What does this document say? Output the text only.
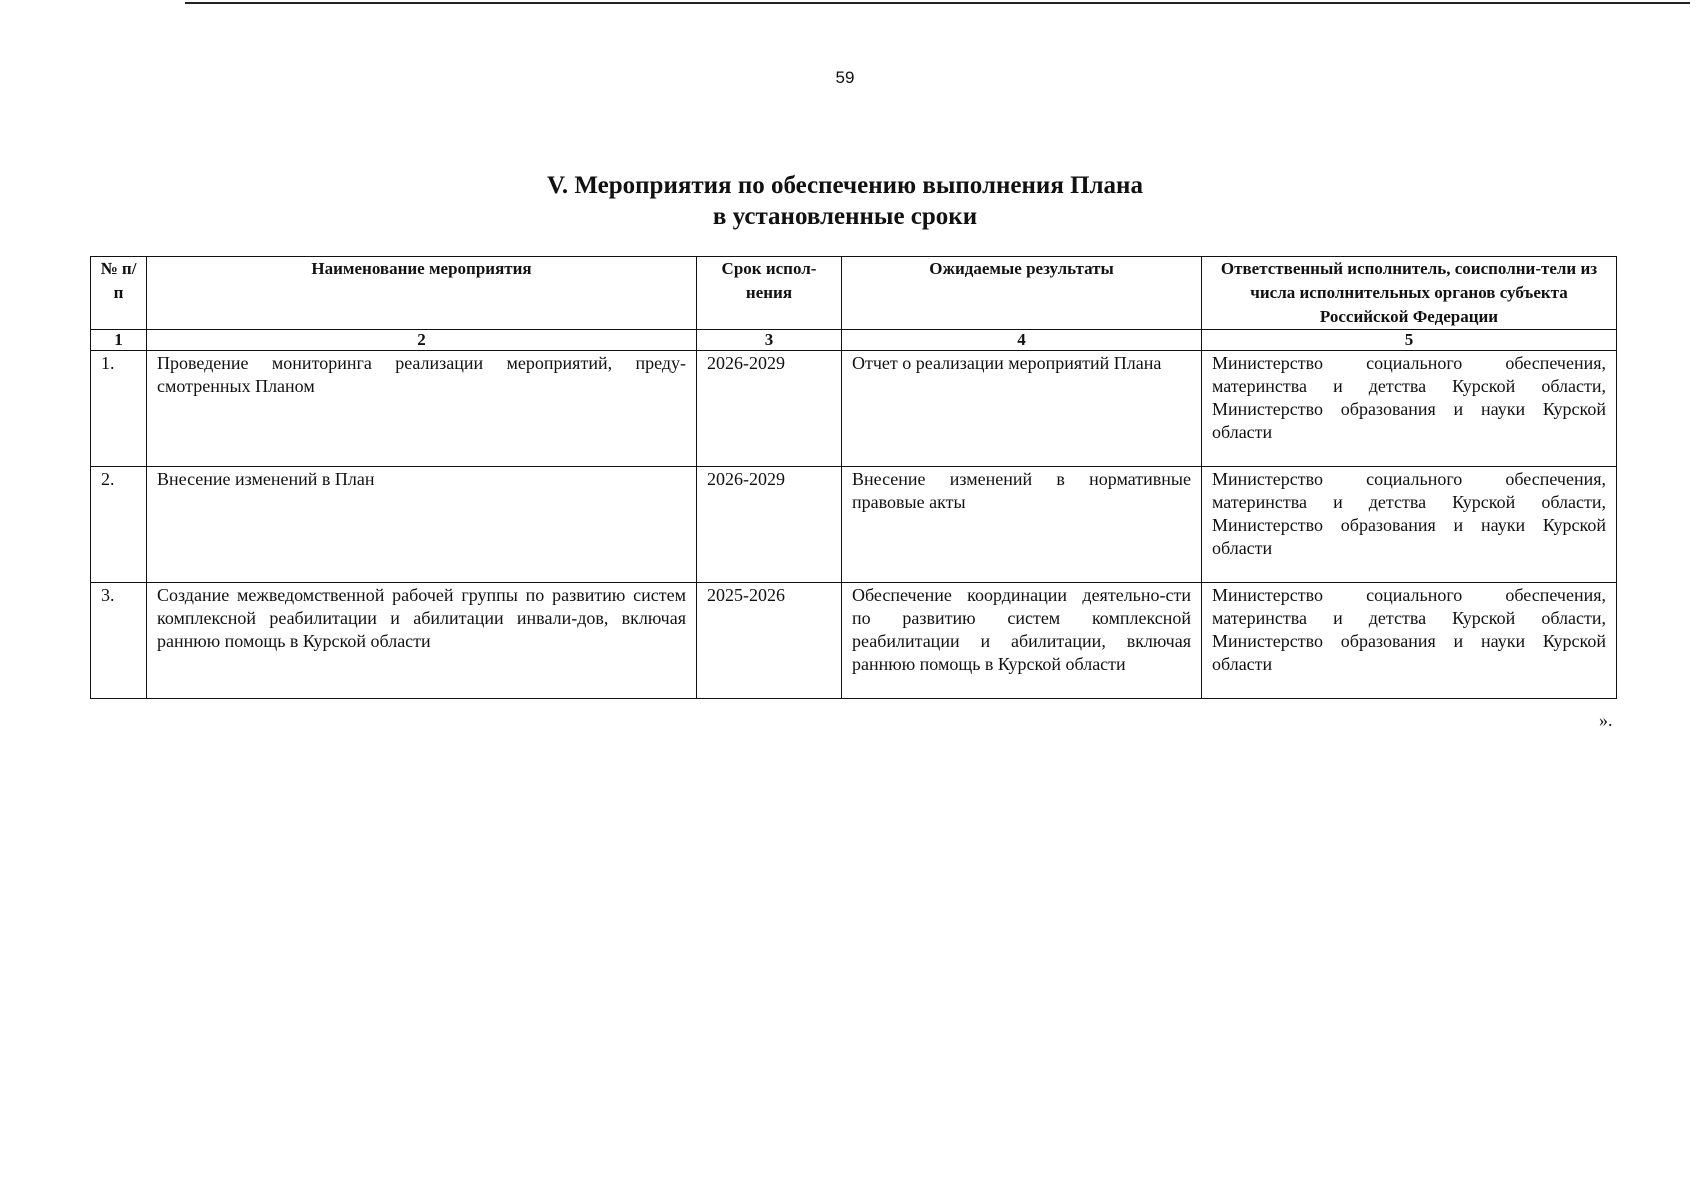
59
V. Мероприятия по обеспечению выполнения Плана
в установленные сроки
№ п/п	Наименование мероприятия	Срок испол-нения	Ожидаемые результаты	Ответственный исполнитель, соисполни-тели из числа исполнительных органов субъекта Российской Федерации
1	2	3	4	5
1.	Проведение мониторинга реализации мероприятий, преду-смотренных Планом	2026-2029	Отчет о реализации мероприятий Плана	Министерство социального обеспечения, материнства и детства Курской области, Министерство образования и науки Курской области
2.	Внесение изменений в План	2026-2029	Внесение изменений в нормативные правовые акты	Министерство социального обеспечения, материнства и детства Курской области, Министерство образования и науки Курской области
3.	Создание межведомственной рабочей группы по развитию систем комплексной реабилитации и абилитации инвали-дов, включая раннюю помощь в Курской области	2025-2026	Обеспечение координации деятельно-сти по развитию систем комплексной реабилитации и абилитации, включая раннюю помощь в Курской области	Министерство социального обеспечения, материнства и детства Курской области, Министерство образования и науки Курской области
».
